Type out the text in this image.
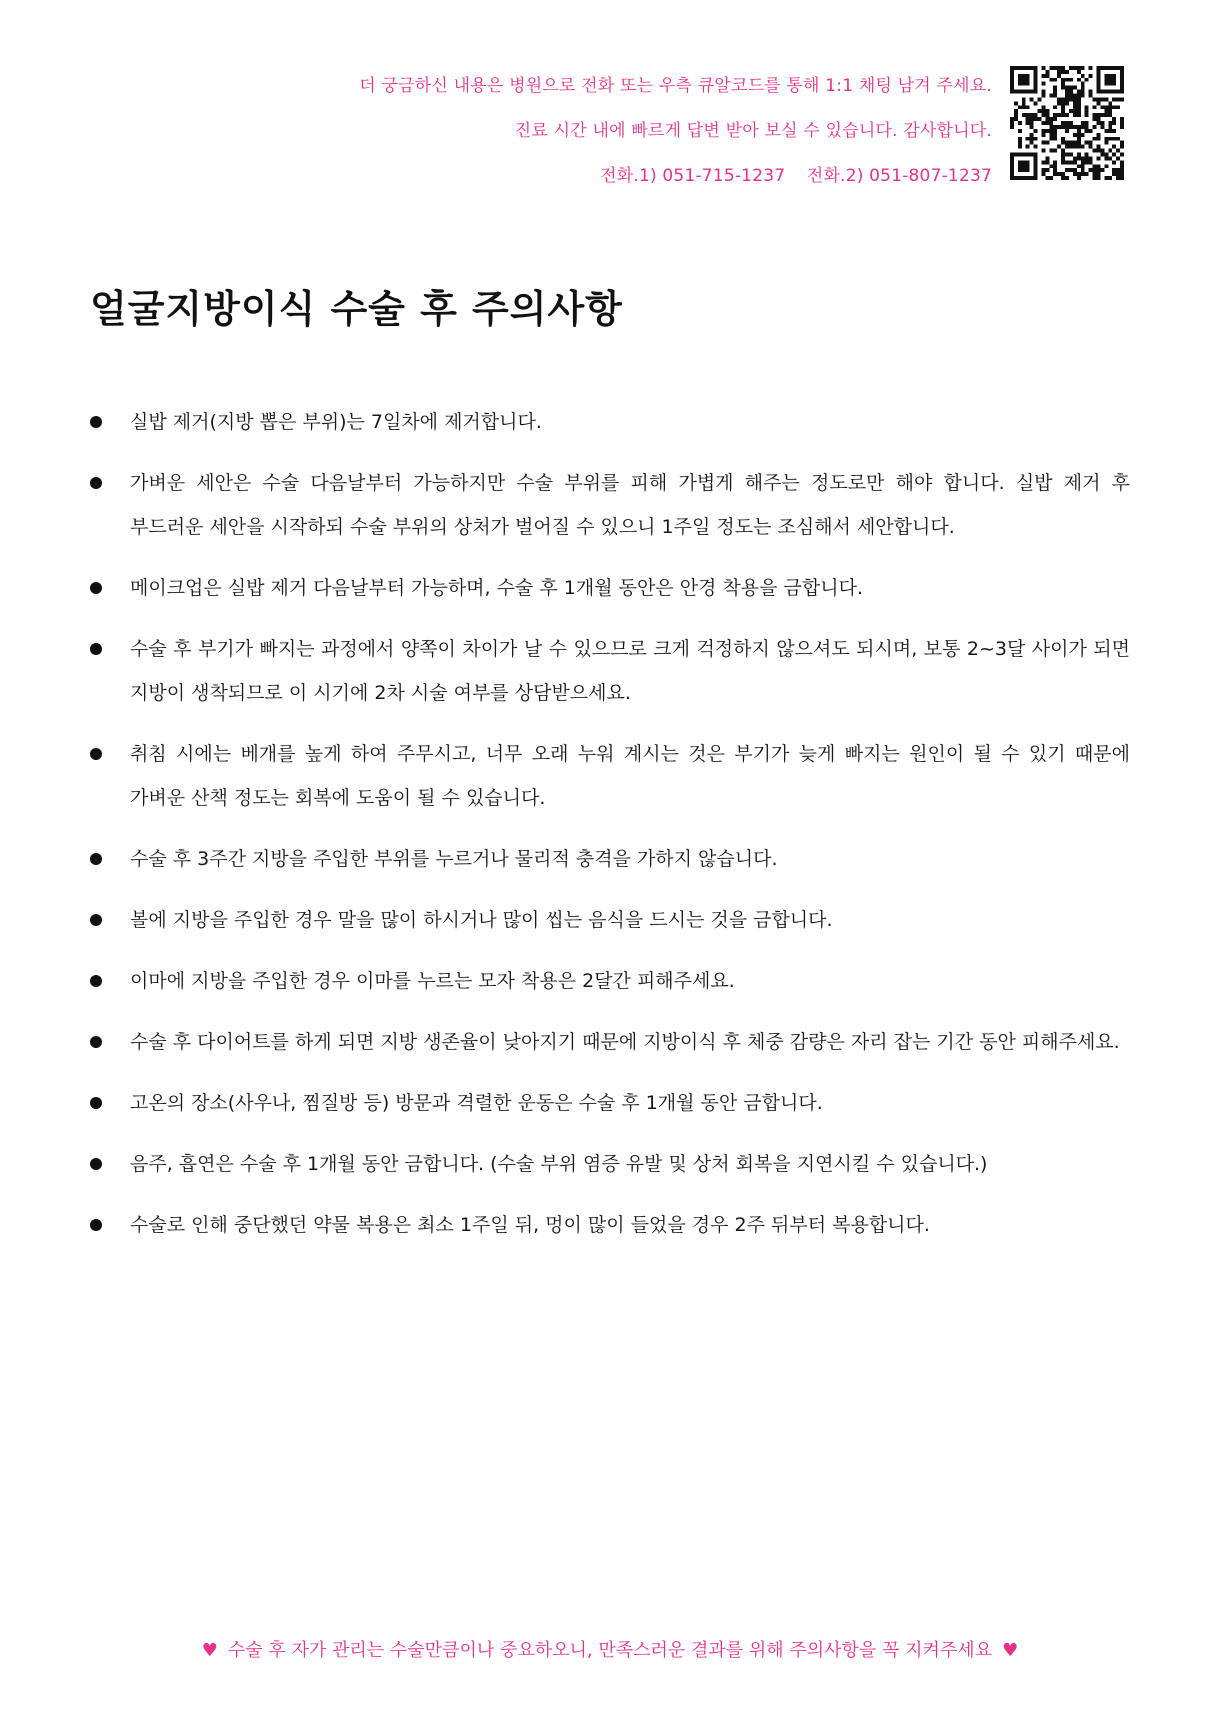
더 궁금하신 내용은 병원으로 전화 또는 우측 큐알코드를 통해 1:1 채팅 남겨 주세요.
진료 시간 내에 빠르게 답변 받아 보실 수 있습니다. 감사합니다.
전화.1) 051-715-1237 전화.2) 051-807-1237
얼굴지방이식 수술 후 주의사항
실밥 제거(지방 뽑은 부위)는 7일차에 제거합니다.
가벼운 세안은 수술 다음날부터 가능하지만 수술 부위를 피해 가볍게 해주는 정도로만 해야 합니다. 실밥 제거 후 부드러운 세안을 시작하되 수술 부위의 상처가 벌어질 수 있으니 1주일 정도는 조심해서 세안합니다.
메이크업은 실밥 제거 다음날부터 가능하며, 수술 후 1개월 동안은 안경 착용을 금합니다.
수술 후 부기가 빠지는 과정에서 양쪽이 차이가 날 수 있으므로 크게 걱정하지 않으셔도 되시며, 보통 2~3달 사이가 되면 지방이 생착되므로 이 시기에 2차 시술 여부를 상담받으세요.
취침 시에는 베개를 높게 하여 주무시고, 너무 오래 누워 계시는 것은 부기가 늦게 빠지는 원인이 될 수 있기 때문에 가벼운 산책 정도는 회복에 도움이 될 수 있습니다.
수술 후 3주간 지방을 주입한 부위를 누르거나 물리적 충격을 가하지 않습니다.
볼에 지방을 주입한 경우 말을 많이 하시거나 많이 씹는 음식을 드시는 것을 금합니다.
이마에 지방을 주입한 경우 이마를 누르는 모자 착용은 2달간 피해주세요.
수술 후 다이어트를 하게 되면 지방 생존율이 낮아지기 때문에 지방이식 후 체중 감량은 자리 잡는 기간 동안 피해주세요.
고온의 장소(사우나, 찜질방 등) 방문과 격렬한 운동은 수술 후 1개월 동안 금합니다.
음주, 흡연은 수술 후 1개월 동안 금합니다. (수술 부위 염증 유발 및 상처 회복을 지연시킬 수 있습니다.)
수술로 인해 중단했던 약물 복용은 최소 1주일 뒤, 멍이 많이 들었을 경우 2주 뒤부터 복용합니다.
♥ 수술 후 자가 관리는 수술만큼이나 중요하오니, 만족스러운 결과를 위해 주의사항을 꼭 지켜주세요 ♥
